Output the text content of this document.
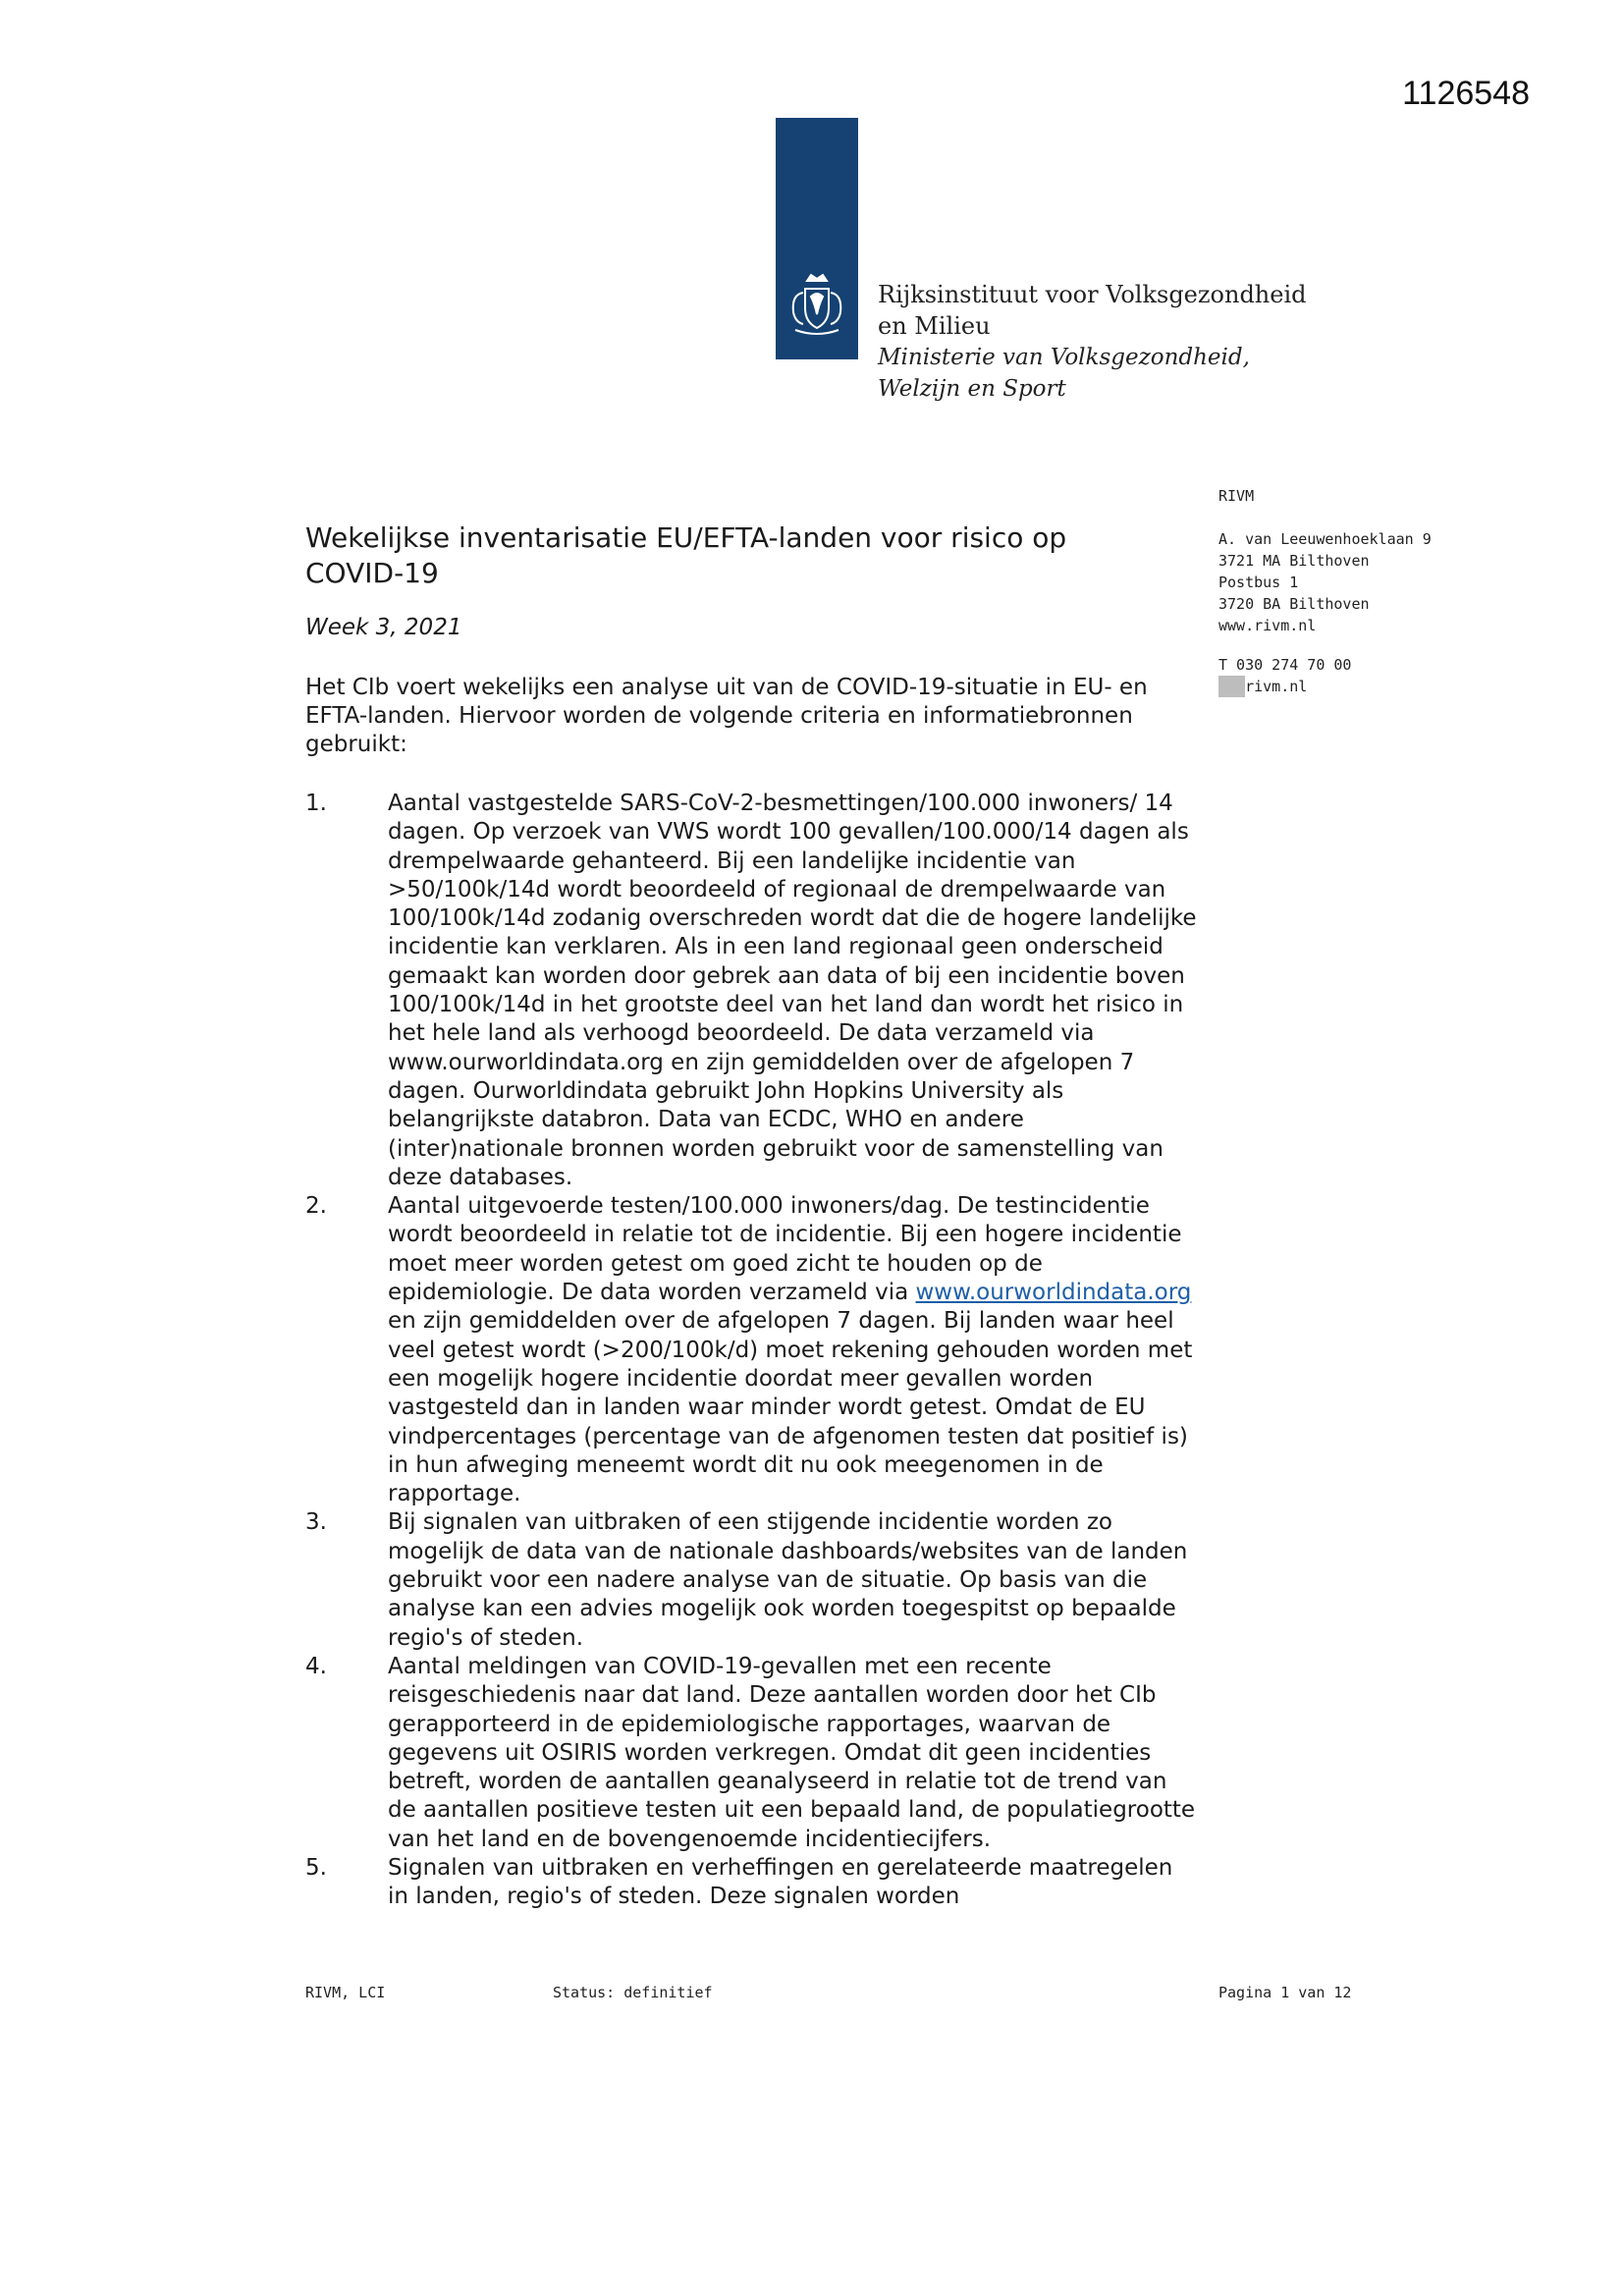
1126548
Rijksinstituut voor Volksgezondheid
en Milieu
Ministerie van Volksgezondheid,
Welzijn en Sport
RIVM
A. van Leeuwenhoeklaan 9
3721 MA Bilthoven
Postbus 1
3720 BA Bilthoven
www.rivm.nl
T 030 274 70 00
5.1rivm.nl
Wekelijkse inventarisatie EU/EFTA-landen voor risico op COVID-19
Week 3, 2021

Het CIb voert wekelijks een analyse uit van de COVID-19-situatie in EU- en EFTA-landen. Hiervoor worden de volgende criteria en informatiebronnen gebruikt:

1.	Aantal vastgestelde SARS-CoV-2-besmettingen/100.000 inwoners/ 14 dagen. Op verzoek van VWS wordt 100 gevallen/100.000/14 dagen als drempelwaarde gehanteerd. Bij een landelijke incidentie van >50/100k/14d wordt beoordeeld of regionaal de drempelwaarde van 100/100k/14d zodanig overschreden wordt dat die de hogere landelijke incidentie kan verklaren. Als in een land regionaal geen onderscheid gemaakt kan worden door gebrek aan data of bij een incidentie boven 100/100k/14d in het grootste deel van het land dan wordt het risico in het hele land als verhoogd beoordeeld. De data verzameld via www.ourworldindata.org en zijn gemiddelden over de afgelopen 7 dagen. Ourworldindata gebruikt John Hopkins University als belangrijkste databron. Data van ECDC, WHO en andere (inter)nationale bronnen worden gebruikt voor de samenstelling van deze databases.
2.	Aantal uitgevoerde testen/100.000 inwoners/dag. De testincidentie wordt beoordeeld in relatie tot de incidentie. Bij een hogere incidentie moet meer worden getest om goed zicht te houden op de epidemiologie. De data worden verzameld via www.ourworldindata.org en zijn gemiddelden over de afgelopen 7 dagen. Bij landen waar heel veel getest wordt (>200/100k/d) moet rekening gehouden worden met een mogelijk hogere incidentie doordat meer gevallen worden vastgesteld dan in landen waar minder wordt getest. Omdat de EU vindpercentages (percentage van de afgenomen testen dat positief is) in hun afweging meneemt wordt dit nu ook meegenomen in de rapportage.
3.	Bij signalen van uitbraken of een stijgende incidentie worden zo mogelijk de data van de nationale dashboards/websites van de landen gebruikt voor een nadere analyse van de situatie. Op basis van die analyse kan een advies mogelijk ook worden toegespitst op bepaalde regio's of steden.
4.	Aantal meldingen van COVID-19-gevallen met een recente reisgeschiedenis naar dat land. Deze aantallen worden door het CIb gerapporteerd in de epidemiologische rapportages, waarvan de gegevens uit OSIRIS worden verkregen. Omdat dit geen incidenties betreft, worden de aantallen geanalyseerd in relatie tot de trend van de aantallen positieve testen uit een bepaald land, de populatiegrootte van het land en de bovengenoemde incidentiecijfers.
5.	Signalen van uitbraken en verheffingen en gerelateerde maatregelen in landen, regio's of steden. Deze signalen worden
RIVM, LCI	Status: definitief	Pagina 1 van 12
